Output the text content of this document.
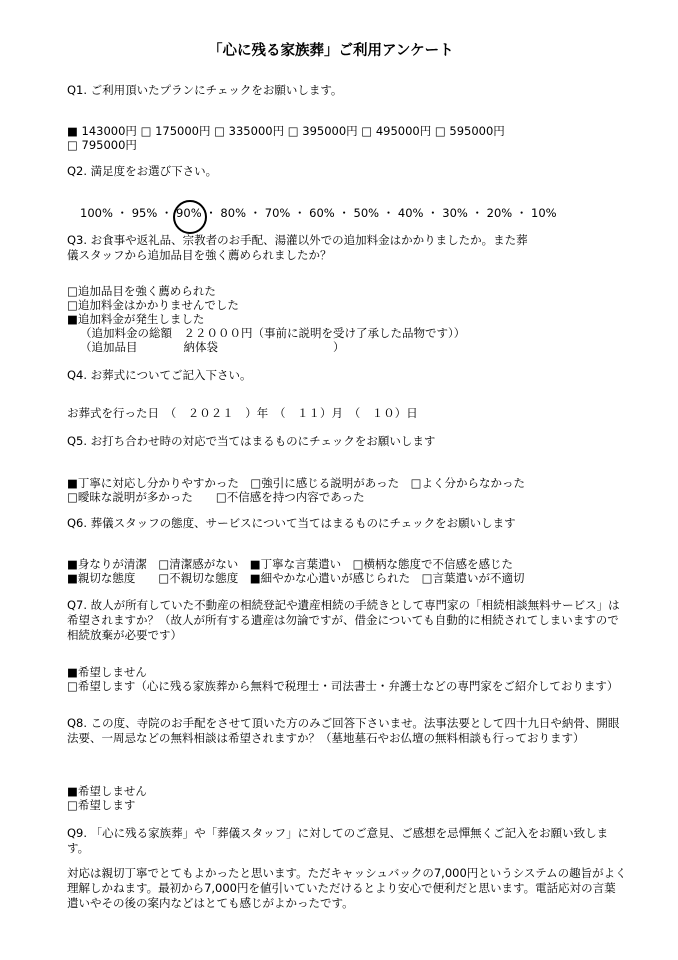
「心に残る家族葬」ご利用アンケート
Q1. ご利用頂いたプランにチェックをお願いします。
■ 143000円 □ 175000円 □ 335000円 □ 395000円 □ 495000円 □ 595000円
□ 795000円
Q2. 満足度をお選び下さい。
100% ・ 95% ・ 90% ・ 80% ・ 70% ・ 60% ・ 50% ・ 40% ・ 30% ・ 20% ・ 10%
Q3. お食事や返礼品、宗教者のお手配、湯灌以外での追加料金はかかりましたか。また葬
儀スタッフから追加品目を強く薦められましたか？
□追加品目を強く薦められた
□追加料金はかかりませんでした
■追加料金が発生しました
（追加料金の総額　２２０００円（事前に説明を受け了承した品物です））
（追加品目　　　　納体袋　　　　　　　　　　）
Q4. お葬式についてご記入下さい。
お葬式を行った日　（　２０２１　）年　（　１１）月　（　１０）日
Q5. お打ち合わせ時の対応で当てはまるものにチェックをお願いします
■丁寧に対応し分かりやすかった　□強引に感じる説明があった　□よく分からなかった
□曖昧な説明が多かった　　□不信感を持つ内容であった
Q6. 葬儀スタッフの態度、サービスについて当てはまるものにチェックをお願いします
■身なりが清潔　□清潔感がない　■丁寧な言葉遣い　□横柄な態度で不信感を感じた
■親切な態度　　□不親切な態度　■細やかな心遣いが感じられた　□言葉遣いが不適切
Q7. 故人が所有していた不動産の相続登記や遺産相続の手続きとして専門家の「相続相談無料サービス」は希望されますか？（故人が所有する遺産は勿論ですが、借金についても自動的に相続されてしまいますので相続放棄が必要です）
■希望しません
□希望します（心に残る家族葬から無料で税理士・司法書士・弁護士などの専門家をご紹介しております）
Q8. この度、寺院のお手配をさせて頂いた方のみご回答下さいませ。法事法要として四十九日や納骨、開眼法要、一周忌などの無料相談は希望されますか？（墓地墓石やお仏壇の無料相談も行っております）
■希望しません
□希望します
Q9. 「心に残る家族葬」や「葬儀スタッフ」に対してのご意見、ご感想を忌憚無くご記入をお願い致します。
対応は親切丁寧でとてもよかったと思います。ただキャッシュバックの7,000円というシステムの趣旨がよく理解しかねます。最初から7,000円を値引いていただけるとより安心で便利だと思います。電話応対の言葉遣いやその後の案内などはとても感じがよかったです。
